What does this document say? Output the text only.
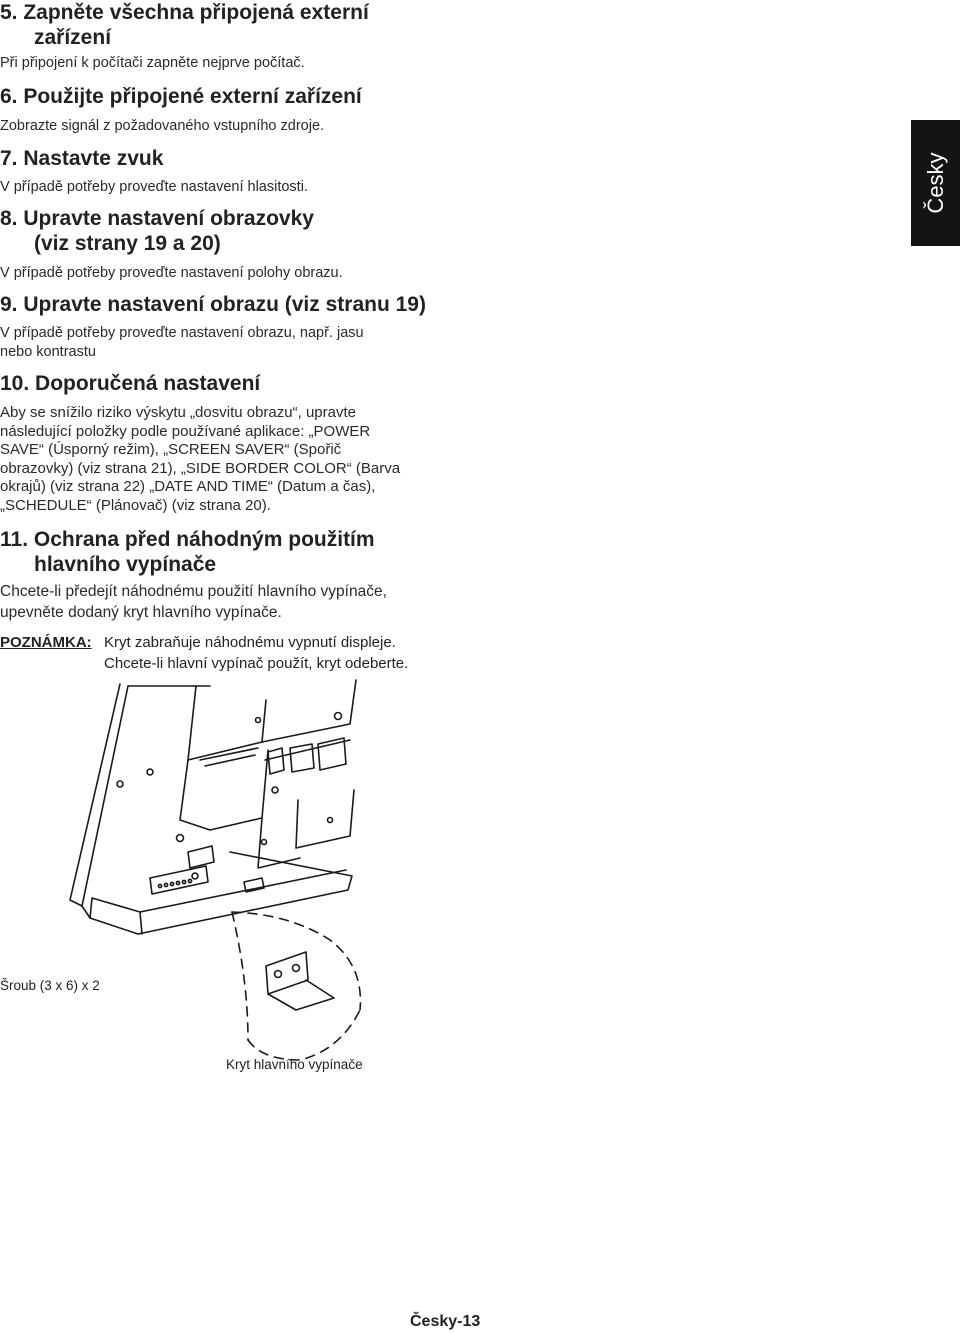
Česky
5. Zapněte všechna připojená externí
zařízení

Při připojení k počítači zapněte nejprve počítač.

6. Použijte připojené externí zařízení

Zobrazte signál z požadovaného vstupního zdroje.

7. Nastavte zvuk

V případě potřeby proveďte nastavení hlasitosti.

8. Upravte nastavení obrazovky
(viz strany 19 a 20)

V případě potřeby proveďte nastavení polohy obrazu.

9. Upravte nastavení obrazu (viz stranu 19)

V případě potřeby proveďte nastavení obrazu, např. jasu
nebo kontrastu

10. Doporučená nastavení

Aby se snížilo riziko výskytu „dosvitu obrazu“, upravte
následující položky podle používané aplikace: „POWER
SAVE“ (Úsporný režim), „SCREEN SAVER“ (Spořič
obrazovky) (viz strana 21), „SIDE BORDER COLOR“ (Barva
okrajů) (viz strana 22) „DATE AND TIME“ (Datum a čas),
„SCHEDULE“ (Plánovač) (viz strana 20).

11. Ochrana před náhodným použitím
hlavního vypínače

Chcete-li předejít náhodnému použití hlavního vypínače,
upevněte dodaný kryt hlavního vypínače.

POZNÁMKA: Kryt zabraňuje náhodnému vypnutí displeje.
Chcete-li hlavní vypínač použít, kryt odeberte.
Šroub (3 x 6) x 2
Kryt hlavního vypínače
Česky-13
